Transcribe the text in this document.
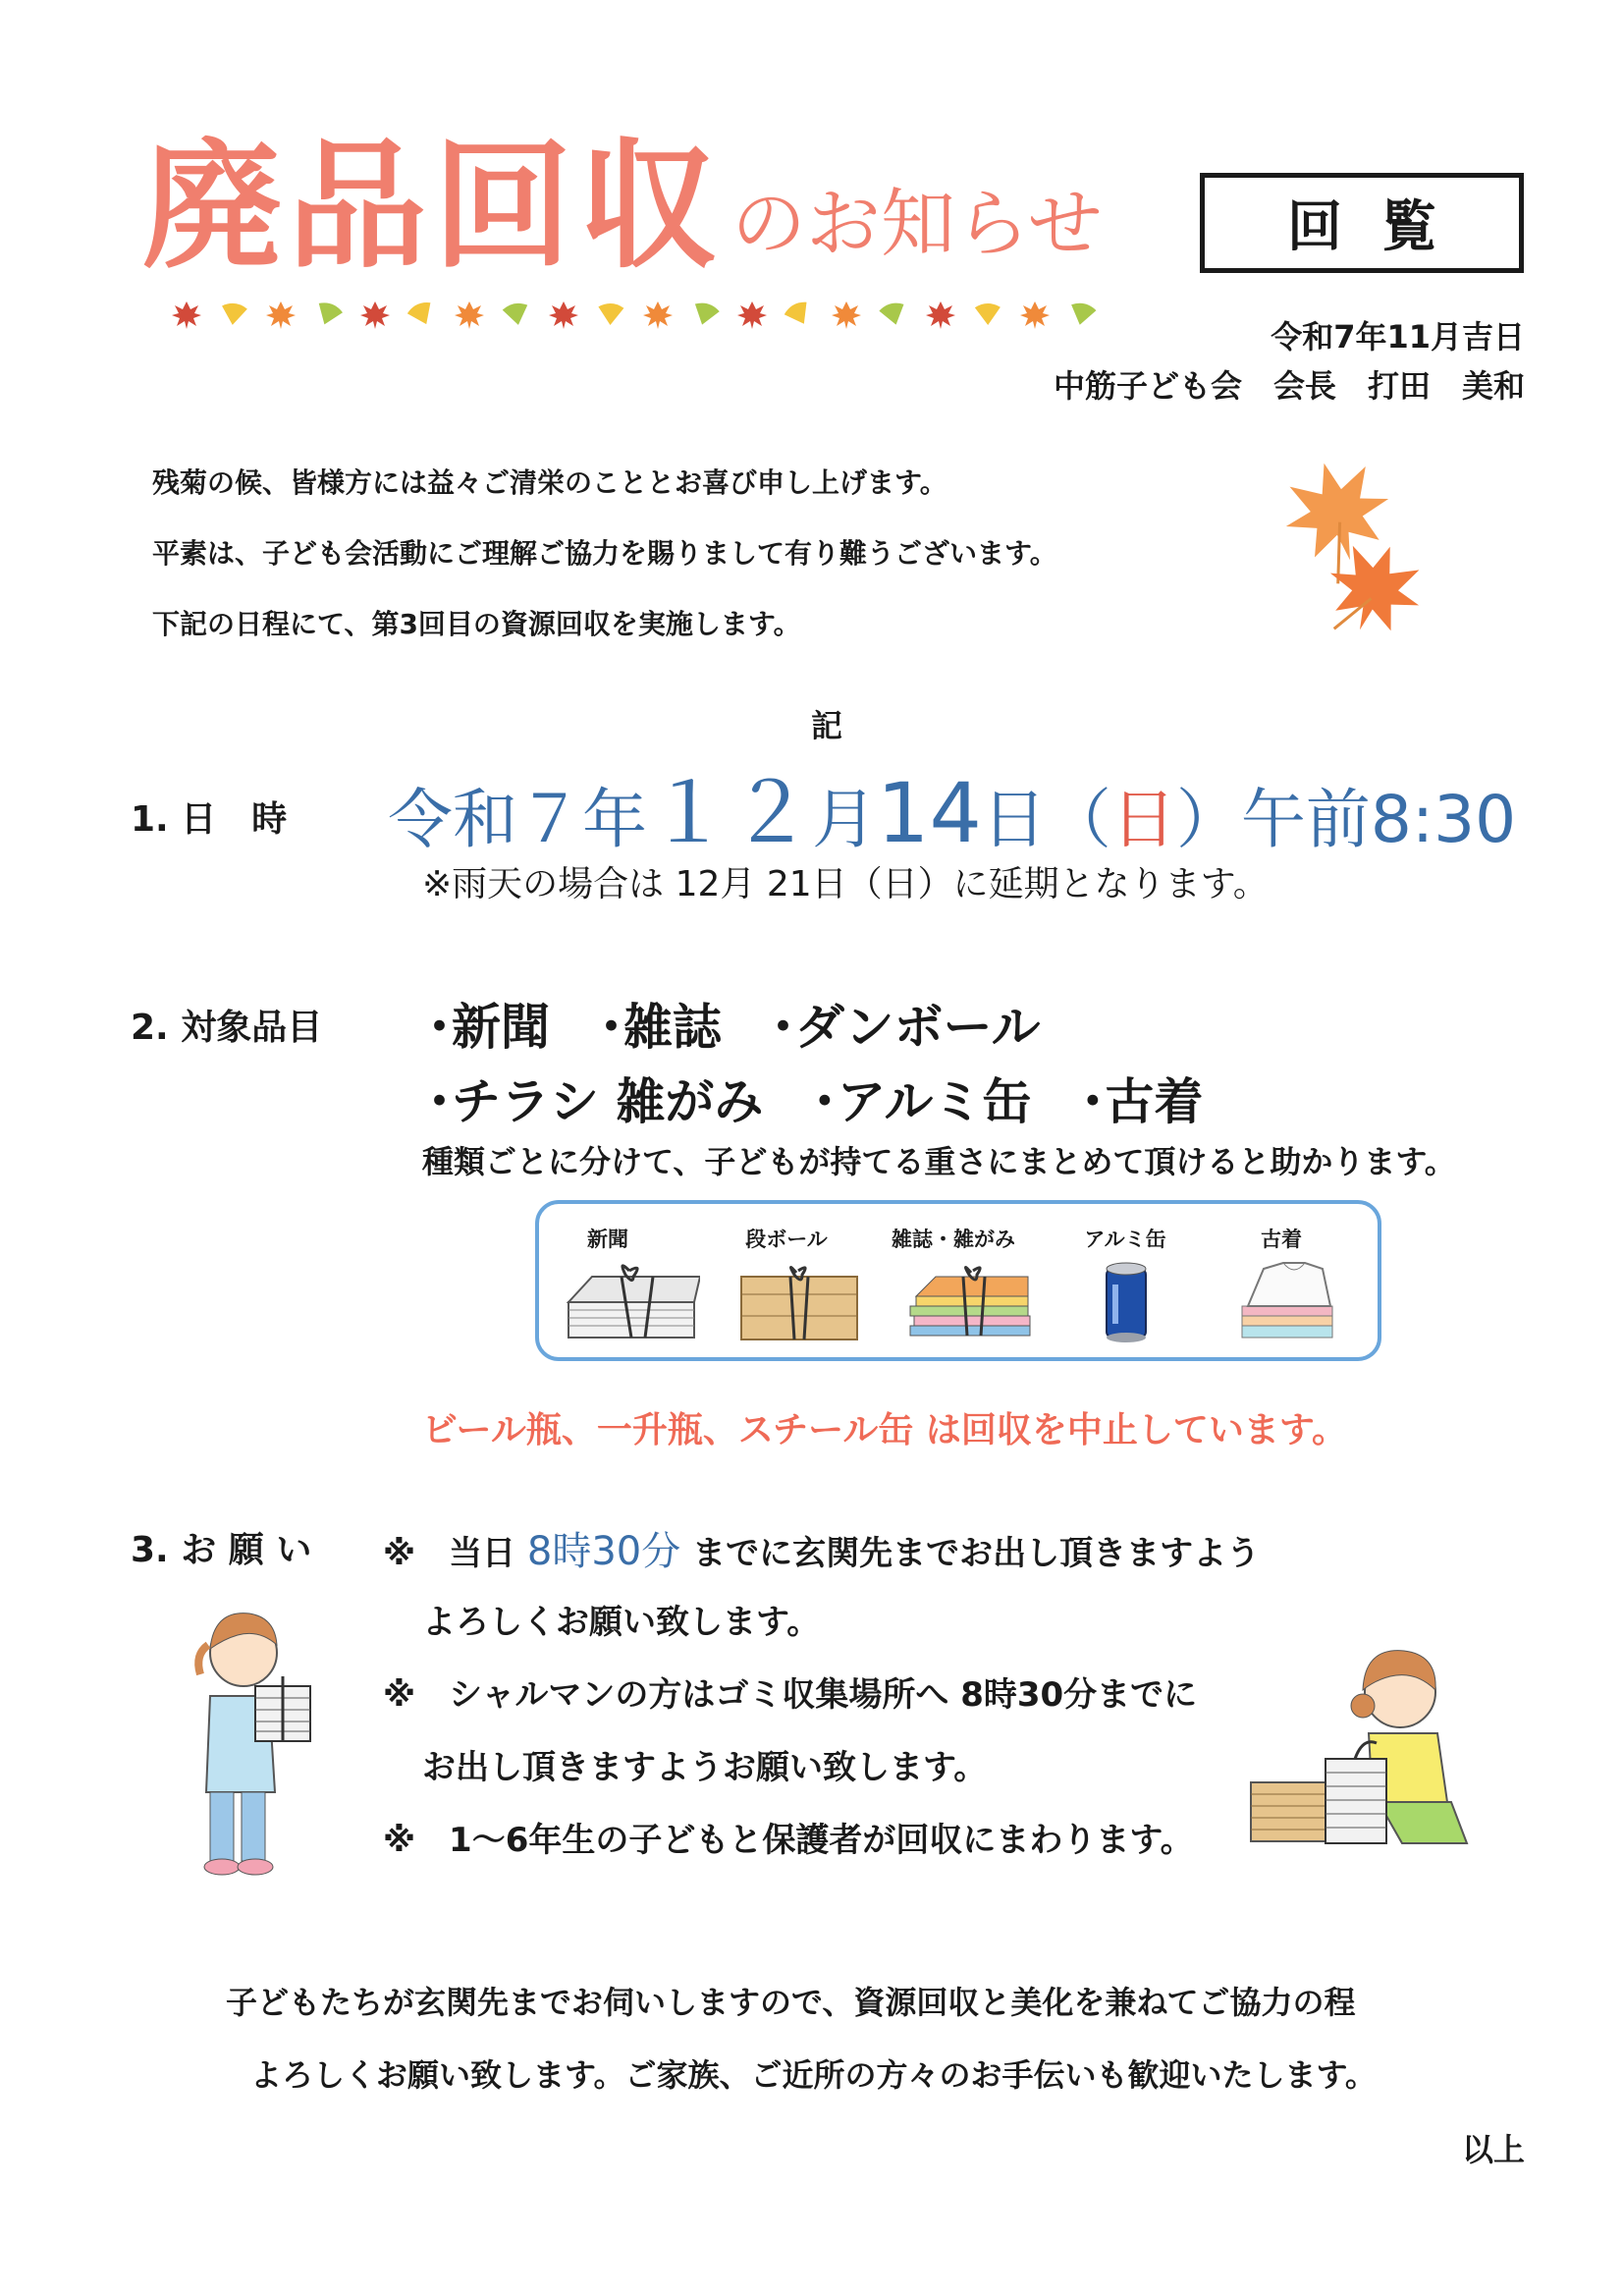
廃品回収 のお知らせ	回覧
令和7年11月吉日
中筋子ども会　会長　打田　美和
残菊の候、皆様方には益々ご清栄のこととお喜び申し上げます。
平素は、子ども会活動にご理解ご協力を賜りまして有り難うございます。
下記の日程にて、第3回目の資源回収を実施します。
記
1. 日　時 令和７年１２月14日（日）午前8:30
※雨天の場合は 12月 21日（日）に延期となります。
2. 対象品目 ･新聞　･雑誌　･ダンボール
･チラシ 雑がみ　･アルミ缶　･古着
種類ごとに分けて、子どもが持てる重さにまとめて頂けると助かります。
新聞	段ボール	雑誌・雑がみ	アルミ缶	古着
ビール瓶、一升瓶、スチール缶 は回収を中止しています。
3. お 願 い ※　当日 8時30分 までに玄関先までお出し頂きますよう
よろしくお願い致します。
※　シャルマンの方はゴミ収集場所へ 8時30分までに
お出し頂きますようお願い致します。
※　1～6年生の子どもと保護者が回収にまわります。
子どもたちが玄関先までお伺いしますので、資源回収と美化を兼ねてご協力の程
よろしくお願い致します。ご家族、ご近所の方々のお手伝いも歓迎いたします。
以上
